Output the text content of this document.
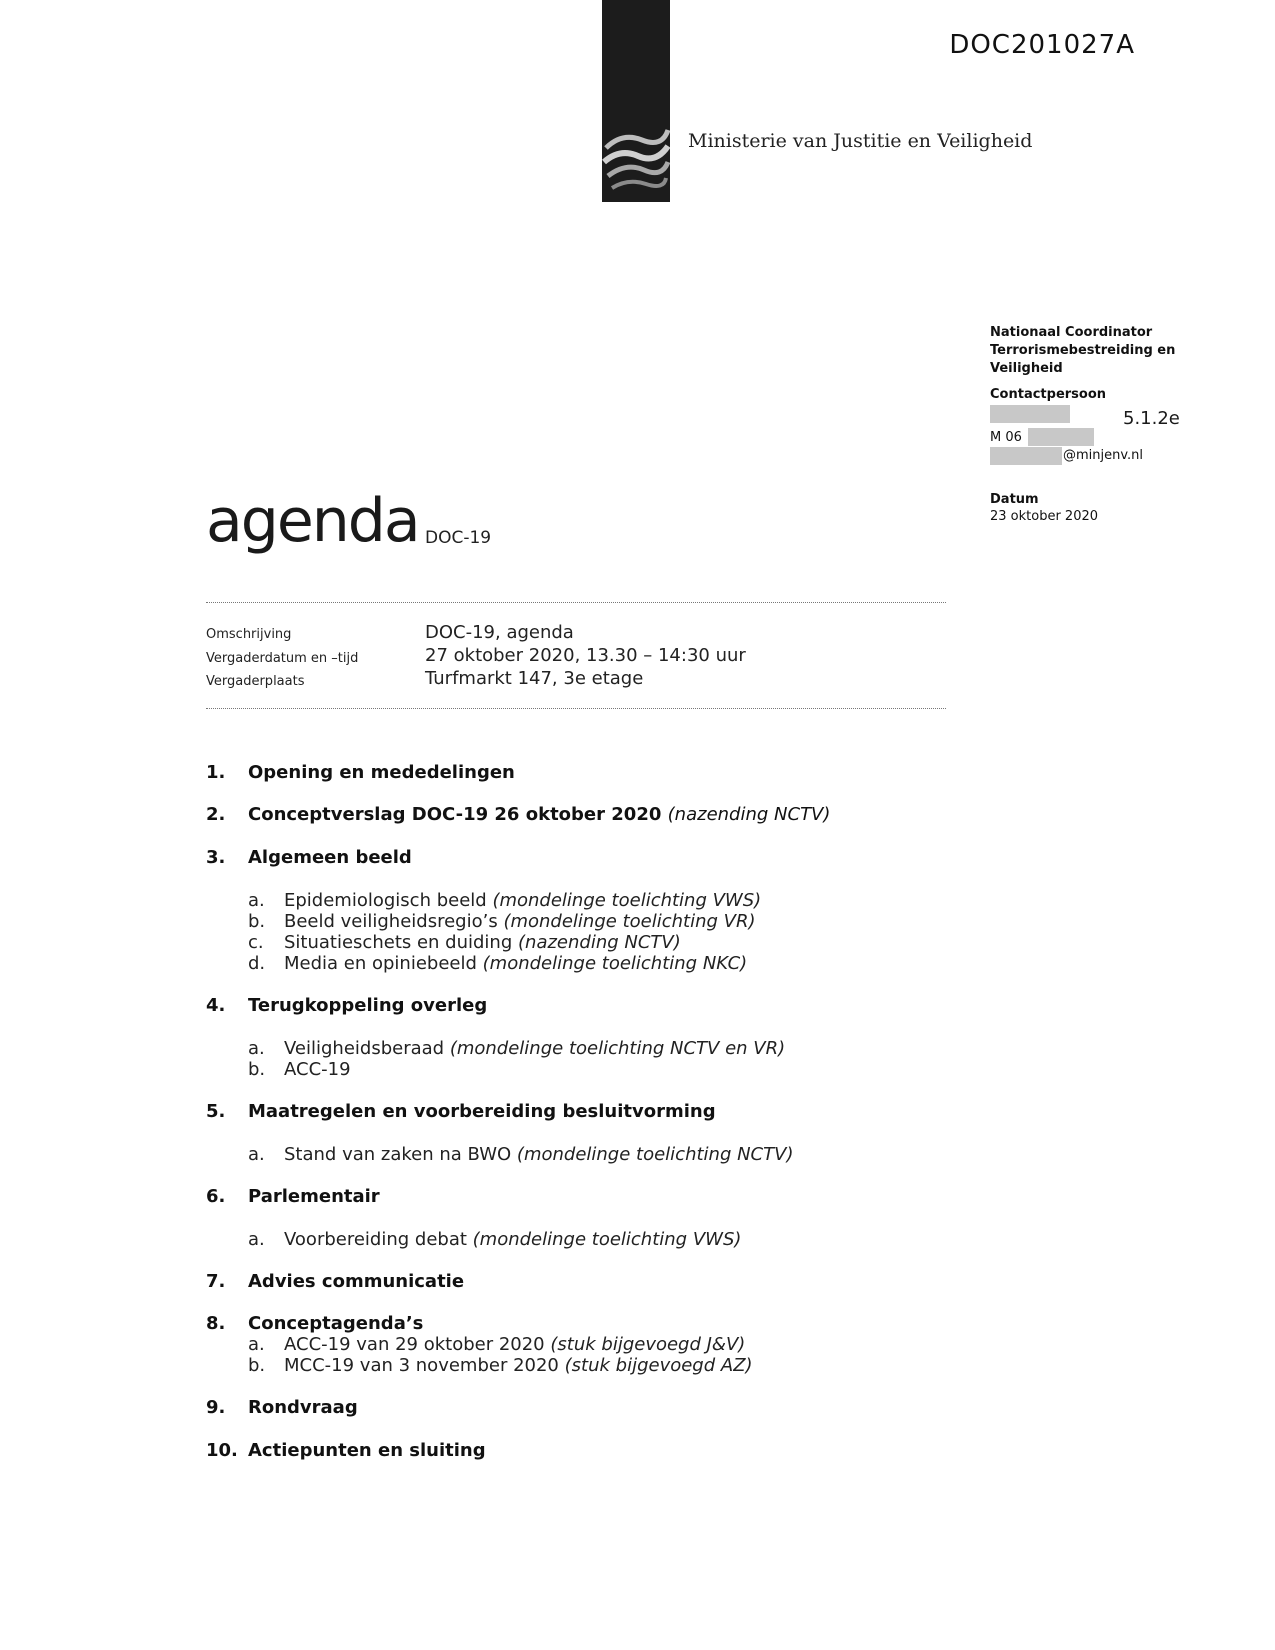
DOC201027A
Ministerie van Justitie en Veiligheid
Nationaal Coordinator Terrorismebestreiding en Veiligheid
Contactpersoon
5.1.2e
M 06
@minjenv.nl
Datum
23 oktober 2020
agenda DOC-19
Omschrijving	DOC-19, agenda
Vergaderdatum en –tijd	27 oktober 2020, 13.30 – 14:30 uur
Vergaderplaats	Turfmarkt 147, 3e etage
1. Opening en mededelingen
2. Conceptverslag DOC-19 26 oktober 2020 (nazending NCTV)
3. Algemeen beeld
a. Epidemiologisch beeld (mondelinge toelichting VWS)
b. Beeld veiligheidsregio’s (mondelinge toelichting VR)
c. Situatieschets en duiding (nazending NCTV)
d. Media en opiniebeeld (mondelinge toelichting NKC)
4. Terugkoppeling overleg
a. Veiligheidsberaad (mondelinge toelichting NCTV en VR)
b. ACC-19
5. Maatregelen en voorbereiding besluitvorming
a. Stand van zaken na BWO (mondelinge toelichting NCTV)
6. Parlementair
a. Voorbereiding debat (mondelinge toelichting VWS)
7. Advies communicatie
8. Conceptagenda’s
a. ACC-19 van 29 oktober 2020 (stuk bijgevoegd J&V)
b. MCC-19 van 3 november 2020 (stuk bijgevoegd AZ)
9. Rondvraag
10. Actiepunten en sluiting
